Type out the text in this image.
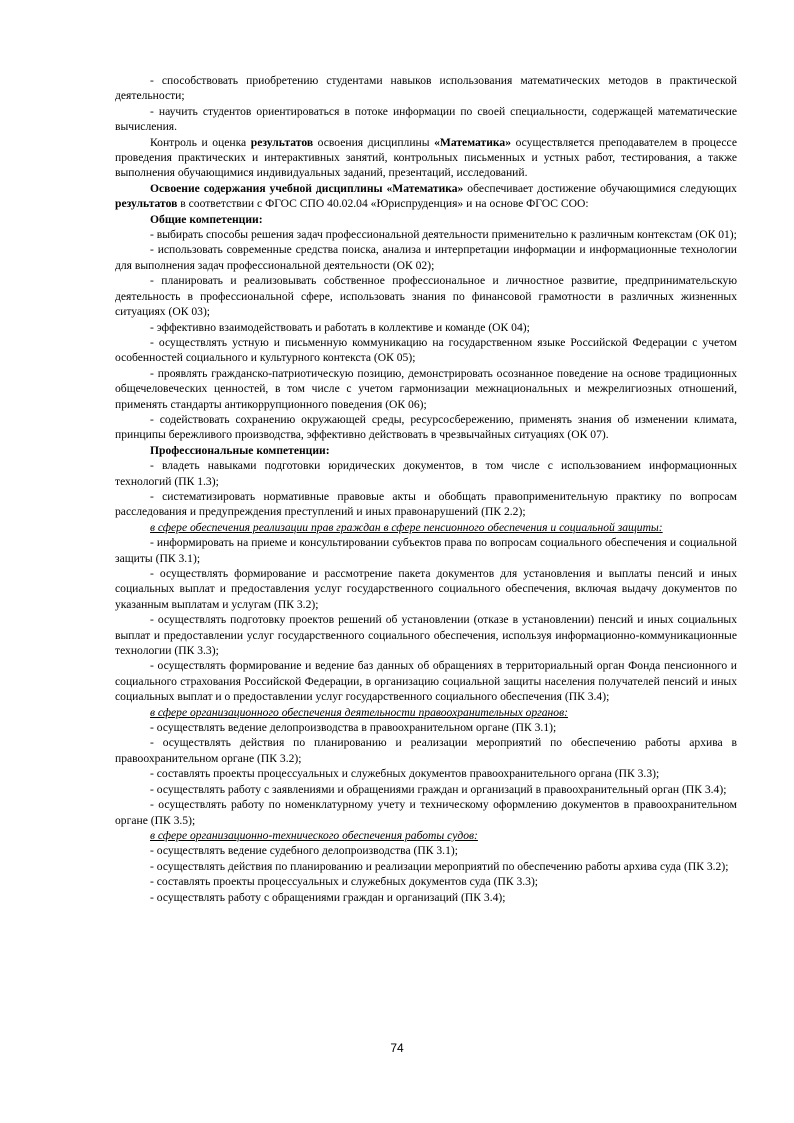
- способствовать приобретению студентами навыков использования математических методов в практической деятельности;

- научить студентов ориентироваться в потоке информации по своей специальности, содержащей математические вычисления.

Контроль и оценка результатов освоения дисциплины «Математика» осуществляется преподавателем в процессе проведения практических и интерактивных занятий, контрольных письменных и устных работ, тестирования, а также выполнения обучающимися индивидуальных заданий, презентаций, исследований.

Освоение содержания учебной дисциплины «Математика» обеспечивает достижение обучающимися следующих результатов в соответствии с ФГОС СПО 40.02.04 «Юриспруденция» и на основе ФГОС СОО:

Общие компетенции:

- выбирать способы решения задач профессиональной деятельности применительно к различным контекстам (ОК 01);

- использовать современные средства поиска, анализа и интерпретации информации и информационные технологии для выполнения задач профессиональной деятельности (ОК 02);

- планировать и реализовывать собственное профессиональное и личностное развитие, предпринимательскую деятельность в профессиональной сфере, использовать знания по финансовой грамотности в различных жизненных ситуациях (ОК 03);

- эффективно взаимодействовать и работать в коллективе и команде (ОК 04);

- осуществлять устную и письменную коммуникацию на государственном языке Российской Федерации с учетом особенностей социального и культурного контекста (ОК 05);

- проявлять гражданско-патриотическую позицию, демонстрировать осознанное поведение на основе традиционных общечеловеческих ценностей, в том числе с учетом гармонизации межнациональных и межрелигиозных отношений, применять стандарты антикоррупционного поведения (ОК 06);

- содействовать сохранению окружающей среды, ресурсосбережению, применять знания об изменении климата, принципы бережливого производства, эффективно действовать в чрезвычайных ситуациях (ОК 07).

Профессиональные компетенции:

- владеть навыками подготовки юридических документов, в том числе с использованием информационных технологий (ПК 1.3);

- систематизировать нормативные правовые акты и обобщать правоприменительную практику по вопросам расследования и предупреждения преступлений и иных правонарушений (ПК 2.2);

в сфере обеспечения реализации прав граждан в сфере пенсионного обеспечения и социальной защиты:

- информировать на приеме и консультировании субъектов права по вопросам социального обеспечения и социальной защиты (ПК 3.1);

- осуществлять формирование и рассмотрение пакета документов для установления и выплаты пенсий и иных социальных выплат и предоставления услуг государственного социального обеспечения, включая выдачу документов по указанным выплатам и услугам (ПК 3.2);

- осуществлять подготовку проектов решений об установлении (отказе в установлении) пенсий и иных социальных выплат и предоставлении услуг государственного социального обеспечения, используя информационно-коммуникационные технологии (ПК 3.3);

- осуществлять формирование и ведение баз данных об обращениях в территориальный орган Фонда пенсионного и социального страхования Российской Федерации, в организацию социальной защиты населения получателей пенсий и иных социальных выплат и о предоставлении услуг государственного социального обеспечения (ПК 3.4);

в сфере организационного обеспечения деятельности правоохранительных органов:

- осуществлять ведение делопроизводства в правоохранительном органе (ПК 3.1);

- осуществлять действия по планированию и реализации мероприятий по обеспечению работы архива в правоохранительном органе (ПК 3.2);

- составлять проекты процессуальных и служебных документов правоохранительного органа (ПК 3.3);

- осуществлять работу с заявлениями и обращениями граждан и организаций в правоохранительный орган (ПК 3.4);

- осуществлять работу по номенклатурному учету и техническому оформлению документов в правоохранительном органе (ПК 3.5);

в сфере организационно-технического обеспечения работы судов:

- осуществлять ведение судебного делопроизводства (ПК 3.1);

- осуществлять действия по планированию и реализации мероприятий по обеспечению работы архива суда (ПК 3.2);

- составлять проекты процессуальных и служебных документов суда (ПК 3.3);

- осуществлять работу с обращениями граждан и организаций (ПК 3.4);

74
